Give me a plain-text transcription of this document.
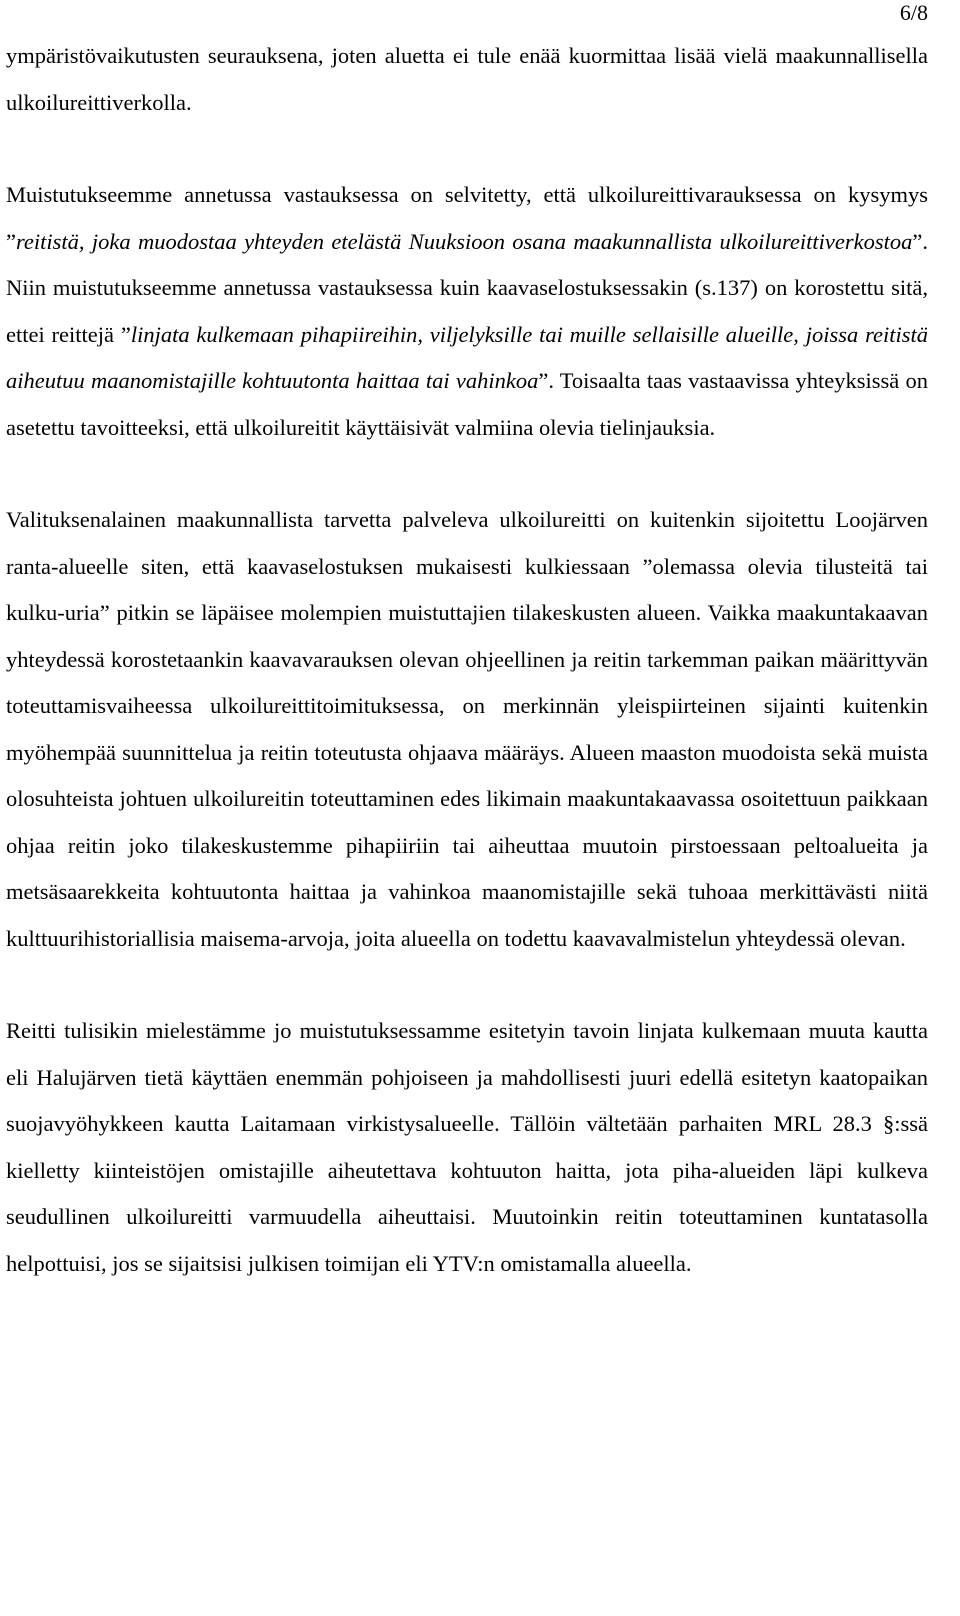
6/8

ympäristövaikutusten seurauksena, joten aluetta ei tule enää kuormittaa lisää vielä maakunnallisella ulkoilureittiverkolla.

Muistutukseemme annetussa vastauksessa on selvitetty, että ulkoilureittivarauksessa on kysymys ”reitistä, joka muodostaa yhteyden etelästä Nuuksioon osana maakunnallista ulkoilureittiverkostoa”. Niin muistutukseemme annetussa vastauksessa kuin kaavaselostuksessakin (s.137) on korostettu sitä, ettei reittejä ”linjata kulkemaan pihapiireihin, viljelyksille tai muille sellaisille alueille, joissa reitistä aiheutuu maanomistajille kohtuutonta haittaa tai vahinkoa”. Toisaalta taas vastaavissa yhteyksissä on asetettu tavoitteeksi, että ulkoilureitit käyttäisivät valmiina olevia tielinjauksia.

Valituksenalainen maakunnallista tarvetta palveleva ulkoilureitti on kuitenkin sijoitettu Loojärven ranta-alueelle siten, että kaavaselostuksen mukaisesti kulkiessaan ”olemassa olevia tilusteitä tai kulku-uria” pitkin se läpäisee molempien muistuttajien tilakeskusten alueen. Vaikka maakuntakaavan yhteydessä korostetaankin kaavavarauksen olevan ohjeellinen ja reitin tarkemman paikan määrittyvän toteuttamisvaiheessa ulkoilureittitoimituksessa, on merkinnän yleispiirteinen sijainti kuitenkin myöhempää suunnittelua ja reitin toteutusta ohjaava määräys. Alueen maaston muodoista sekä muista olosuhteista johtuen ulkoilureitin toteuttaminen edes likimain maakuntakaavassa osoitettuun paikkaan ohjaa reitin joko tilakeskustemme pihapiiriin tai aiheuttaa muutoin pirstoessaan peltoalueita ja metsäsaarekkeita kohtuutonta haittaa ja vahinkoa maanomistajille sekä tuhoaa merkittävästi niitä kulttuurihistoriallisia maisema-arvoja, joita alueella on todettu kaavavalmistelun yhteydessä olevan.

Reitti tulisikin mielestämme jo muistutuksessamme esitetyin tavoin linjata kulkemaan muuta kautta eli Halujärven tietä käyttäen enemmän pohjoiseen ja mahdollisesti juuri edellä esitetyn kaatopaikan suojavyöhykkeen kautta Laitamaan virkistysalueelle. Tällöin vältetään parhaiten MRL 28.3 §:ssä kielletty kiinteistöjen omistajille aiheutettava kohtuuton haitta, jota piha-alueiden läpi kulkeva seudullinen ulkoilureitti varmuudella aiheuttaisi. Muutoinkin reitin toteuttaminen kuntatasolla helpottuisi, jos se sijaitsisi julkisen toimijan eli YTV:n omistamalla alueella.
